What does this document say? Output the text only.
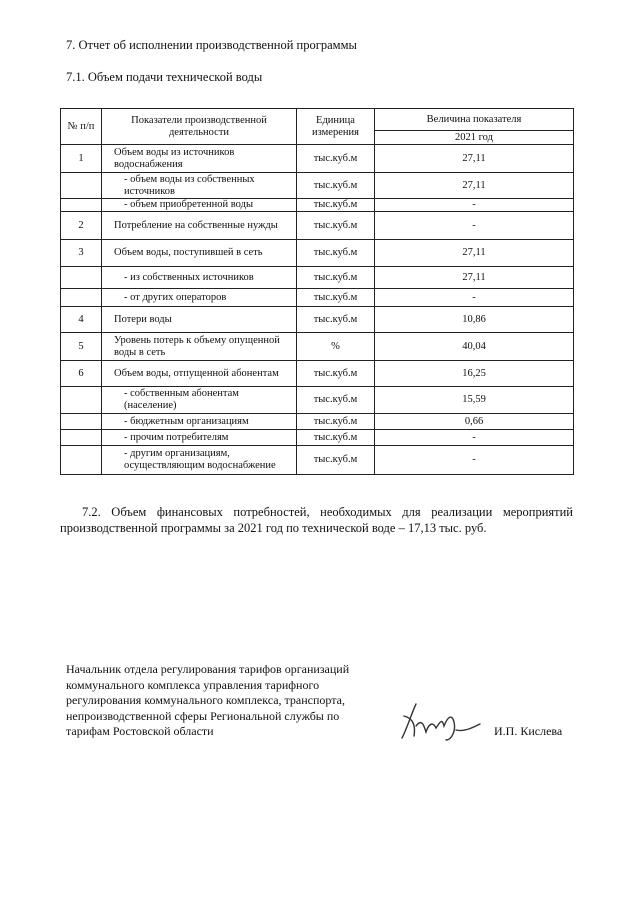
7. Отчет об исполнении производственной программы
7.1. Объем подачи технической воды
№ п/п	Показатели производственной деятельности	Единица измерения	Величина показателя
			2021 год
1	Объем воды из источников водоснабжения	тыс.куб.м	27,11
	- объем воды из собственных источников	тыс.куб.м	27,11
	- объем приобретенной воды	тыс.куб.м	-
2	Потребление на собственные нужды	тыс.куб.м	-
3	Объем воды, поступившей в сеть	тыс.куб.м	27,11
	- из собственных источников	тыс.куб.м	27,11
	- от других операторов	тыс.куб.м	-
4	Потери воды	тыс.куб.м	10,86
5	Уровень потерь к объему опущенной воды в сеть	%	40,04
6	Объем воды, отпущенной абонентам	тыс.куб.м	16,25
	- собственным абонентам (население)	тыс.куб.м	15,59
	- бюджетным организациям	тыс.куб.м	0,66
	- прочим потребителям	тыс.куб.м	-
	- другим организациям, осуществляющим водоснабжение	тыс.куб.м	-
7.2. Объем финансовых потребностей, необходимых для реализации мероприятий производственной программы за 2021 год по технической воде – 17,13 тыс. руб.
Начальник отдела регулирования тарифов организаций коммунального комплекса управления тарифного регулирования коммунального комплекса, транспорта, непроизводственной сферы Региональной службы по тарифам Ростовской области	И.П. Кислева
